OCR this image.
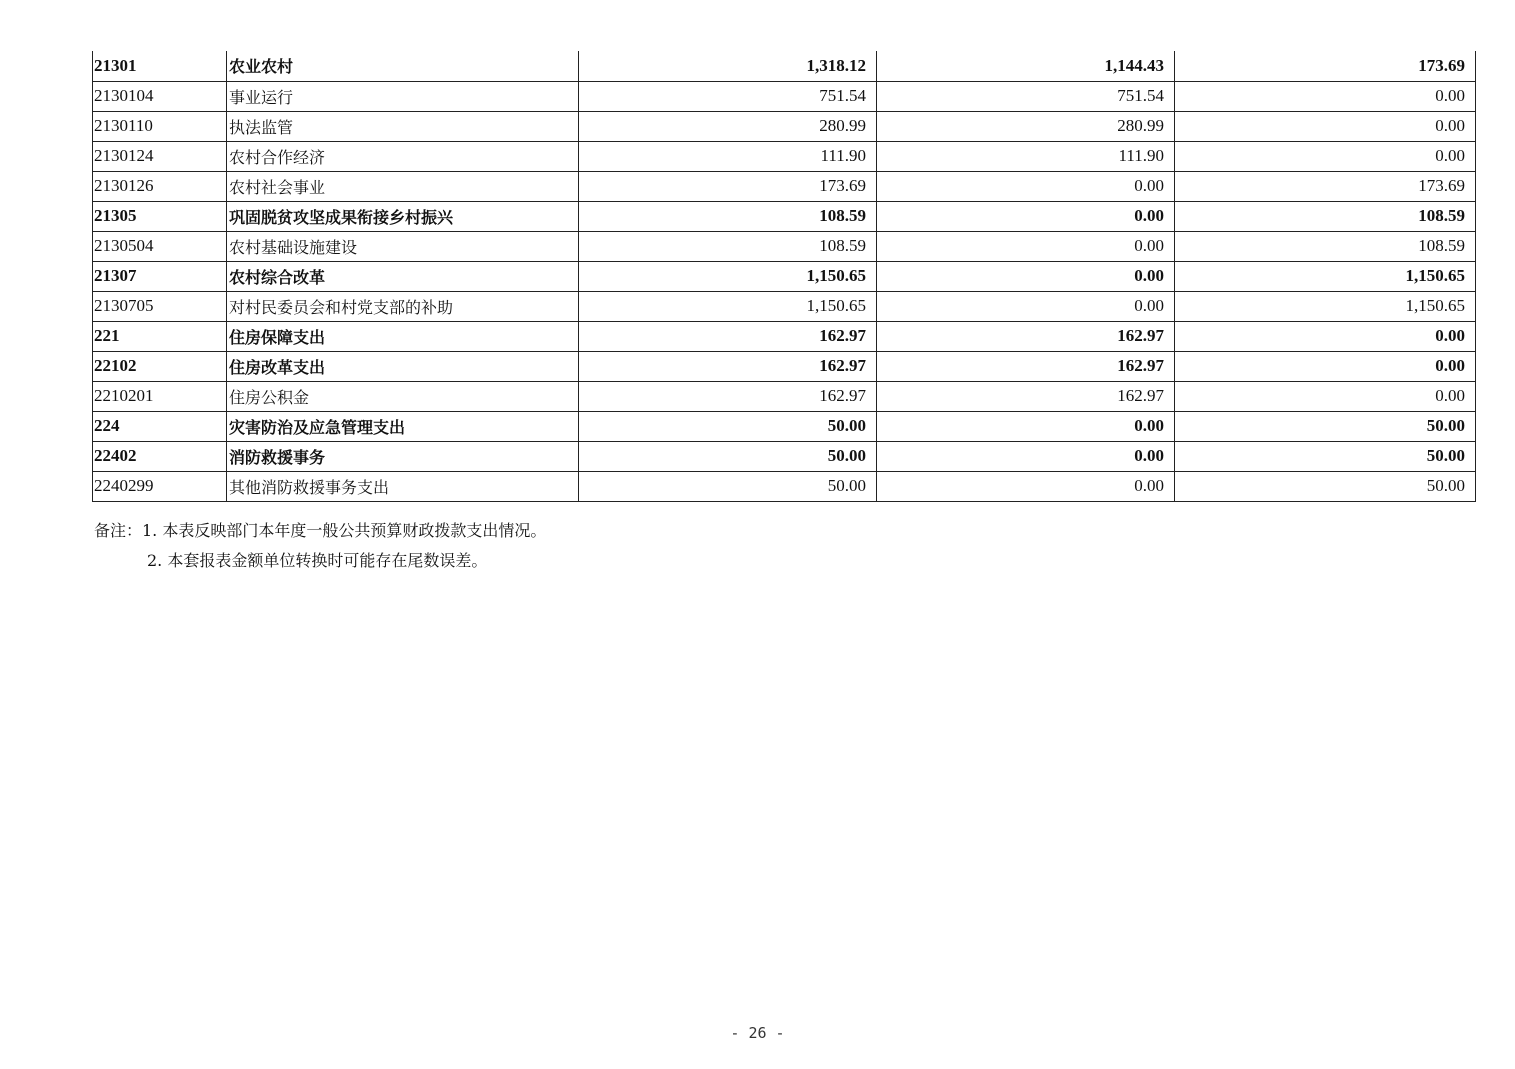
21301	农业农村	1,318.12	1,144.43	173.69
2130104	事业运行	751.54	751.54	0.00
2130110	执法监管	280.99	280.99	0.00
2130124	农村合作经济	111.90	111.90	0.00
2130126	农村社会事业	173.69	0.00	173.69
21305	巩固脱贫攻坚成果衔接乡村振兴	108.59	0.00	108.59
2130504	农村基础设施建设	108.59	0.00	108.59
21307	农村综合改革	1,150.65	0.00	1,150.65
2130705	对村民委员会和村党支部的补助	1,150.65	0.00	1,150.65
221	住房保障支出	162.97	162.97	0.00
22102	住房改革支出	162.97	162.97	0.00
2210201	住房公积金	162.97	162.97	0.00
224	灾害防治及应急管理支出	50.00	0.00	50.00
22402	消防救援事务	50.00	0.00	50.00
2240299	其他消防救援事务支出	50.00	0.00	50.00
备注：1. 本表反映部门本年度一般公共预算财政拨款支出情况。
2. 本套报表金额单位转换时可能存在尾数误差。
- 26 -
